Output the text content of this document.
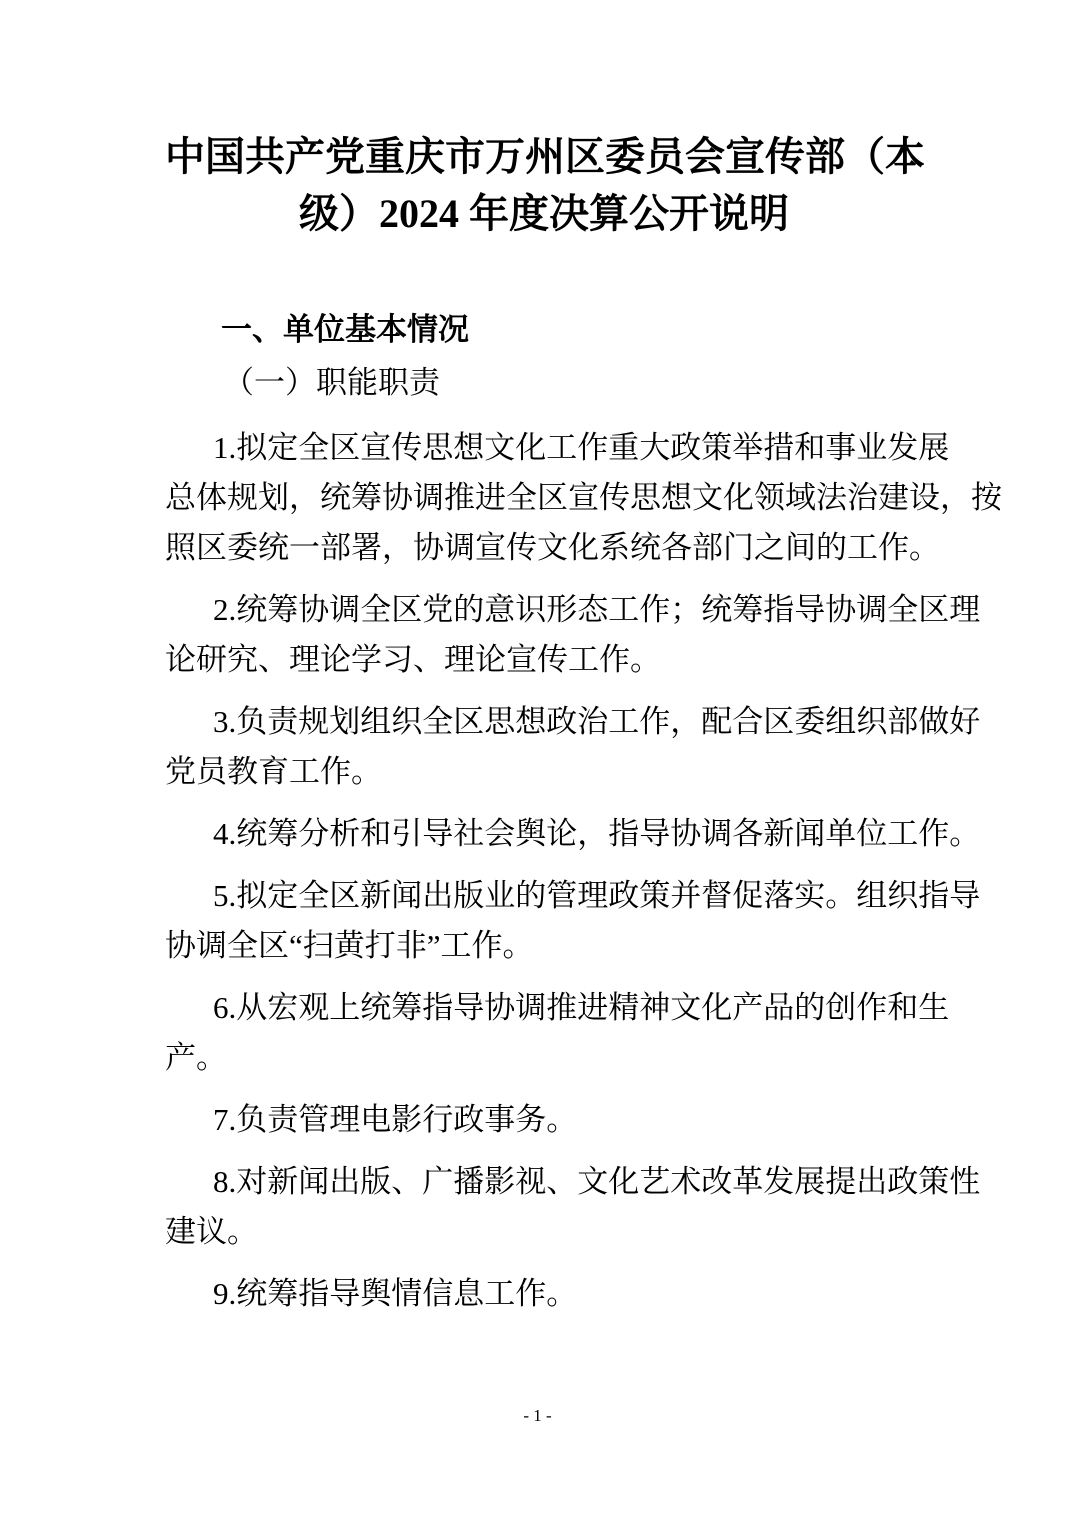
中国共产党重庆市万州区委员会宣传部（本
级）2024 年度决算公开说明
一、单位基本情况
（一）职能职责
1.拟定全区宣传思想文化工作重大政策举措和事业发展
总体规划，统筹协调推进全区宣传思想文化领域法治建设，按
照区委统一部署，协调宣传文化系统各部门之间的工作。
2.统筹协调全区党的意识形态工作；统筹指导协调全区理
论研究、理论学习、理论宣传工作。
3.负责规划组织全区思想政治工作，配合区委组织部做好
党员教育工作。
4.统筹分析和引导社会舆论，指导协调各新闻单位工作。
5.拟定全区新闻出版业的管理政策并督促落实。组织指导
协调全区“扫黄打非”工作。
6.从宏观上统筹指导协调推进精神文化产品的创作和生
产。
7.负责管理电影行政事务。
8.对新闻出版、广播影视、文化艺术改革发展提出政策性
建议。
9.统筹指导舆情信息工作。
- 1 -
